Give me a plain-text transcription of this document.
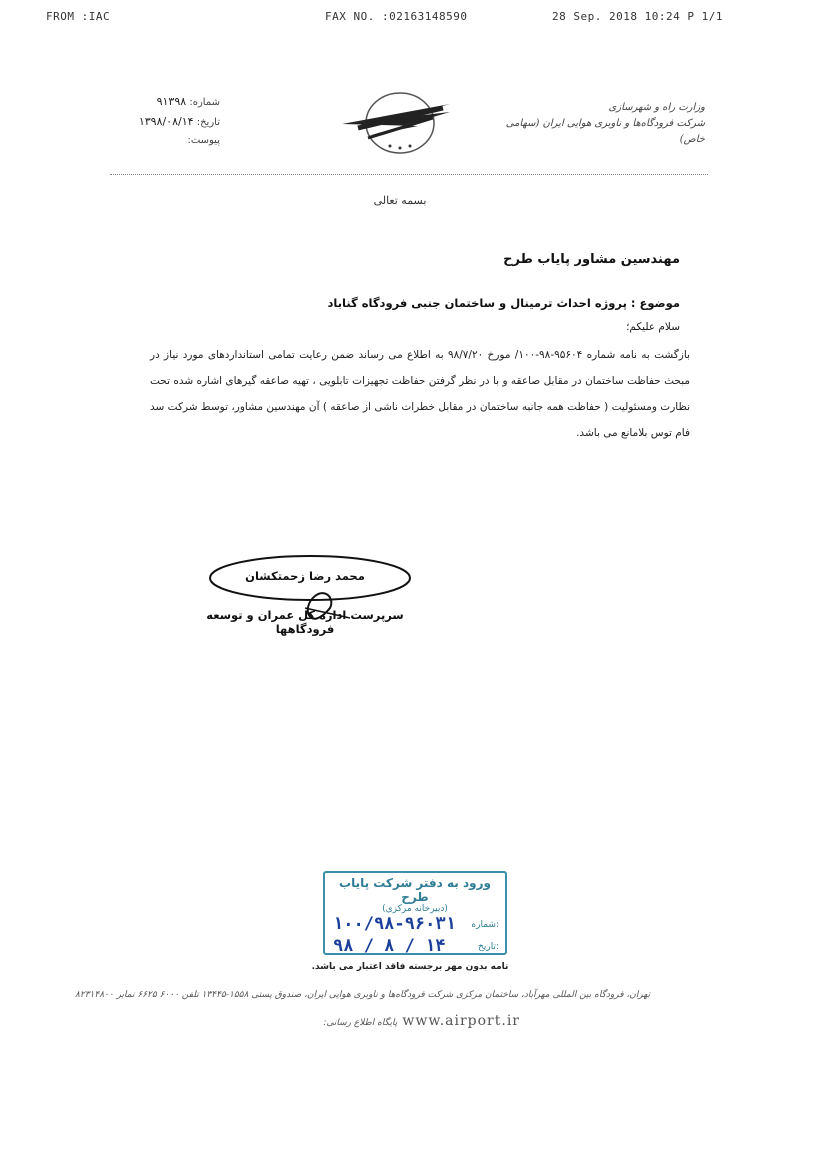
FROM :IAC	FAX NO. :02163148590	28 Sep. 2018 10:24 P 1/1
شماره: ۹۱۳۹۸
تاریخ: ۱۳۹۸/۰۸/۱۴
پیوست:
وزارت راه و شهرسازی
شرکت فرودگاه‌ها و ناوبری هوایی ایران (سهامی خاص)
بسمه تعالی
مهندسین مشاور پایاب طرح
موضوع : پروژه احداث ترمینال و ساختمان جنبی فرودگاه گناباد
سلام علیکم؛
بازگشت به نامه شماره ۹۵۶۰۴-۹۸-۱۰۰/ مورخ ۹۸/۷/۲۰ به اطلاع می رساند ضمن رعایت تمامی استانداردهای مورد نیاز در مبحث حفاظت ساختمان در مقابل صاعقه و با در نظر گرفتن حفاظت تجهیزات تابلویی ، تهیه صاعقه گیرهای اشاره شده تحت نظارت ومسئولیت ( حفاظت همه جانبه ساختمان در مقابل خطرات ناشی از صاعقه ) آن مهندسین مشاور، توسط شرکت سد فام توس بلامانع می باشد.
محمد رضا زحمتکشان
سرپرست اداره کل عمران و توسعه فرودگاهها
ورود به دفتر شرکت پایاب طرح
(دبیرخانه مرکزی)
شماره:
۱۰۰/۹۸-۹۶۰۳۱
تاریخ:
۹۸ / ۸ / ۱۴
نامه بدون مهر برجسته فاقد اعتبار می باشد.
تهران، فرودگاه بین المللی مهرآباد، ساختمان مرکزی شرکت فرودگاه‌ها و ناوبری هوایی ایران، صندوق پستی ۱۵۵۸-۱۳۴۴۵ تلفن ۶۰۰۰ ۶۶۲۵ نمابر ۸۲۳۱۴۸۰۰
www.airport.ir پایگاه اطلاع رسانی:
